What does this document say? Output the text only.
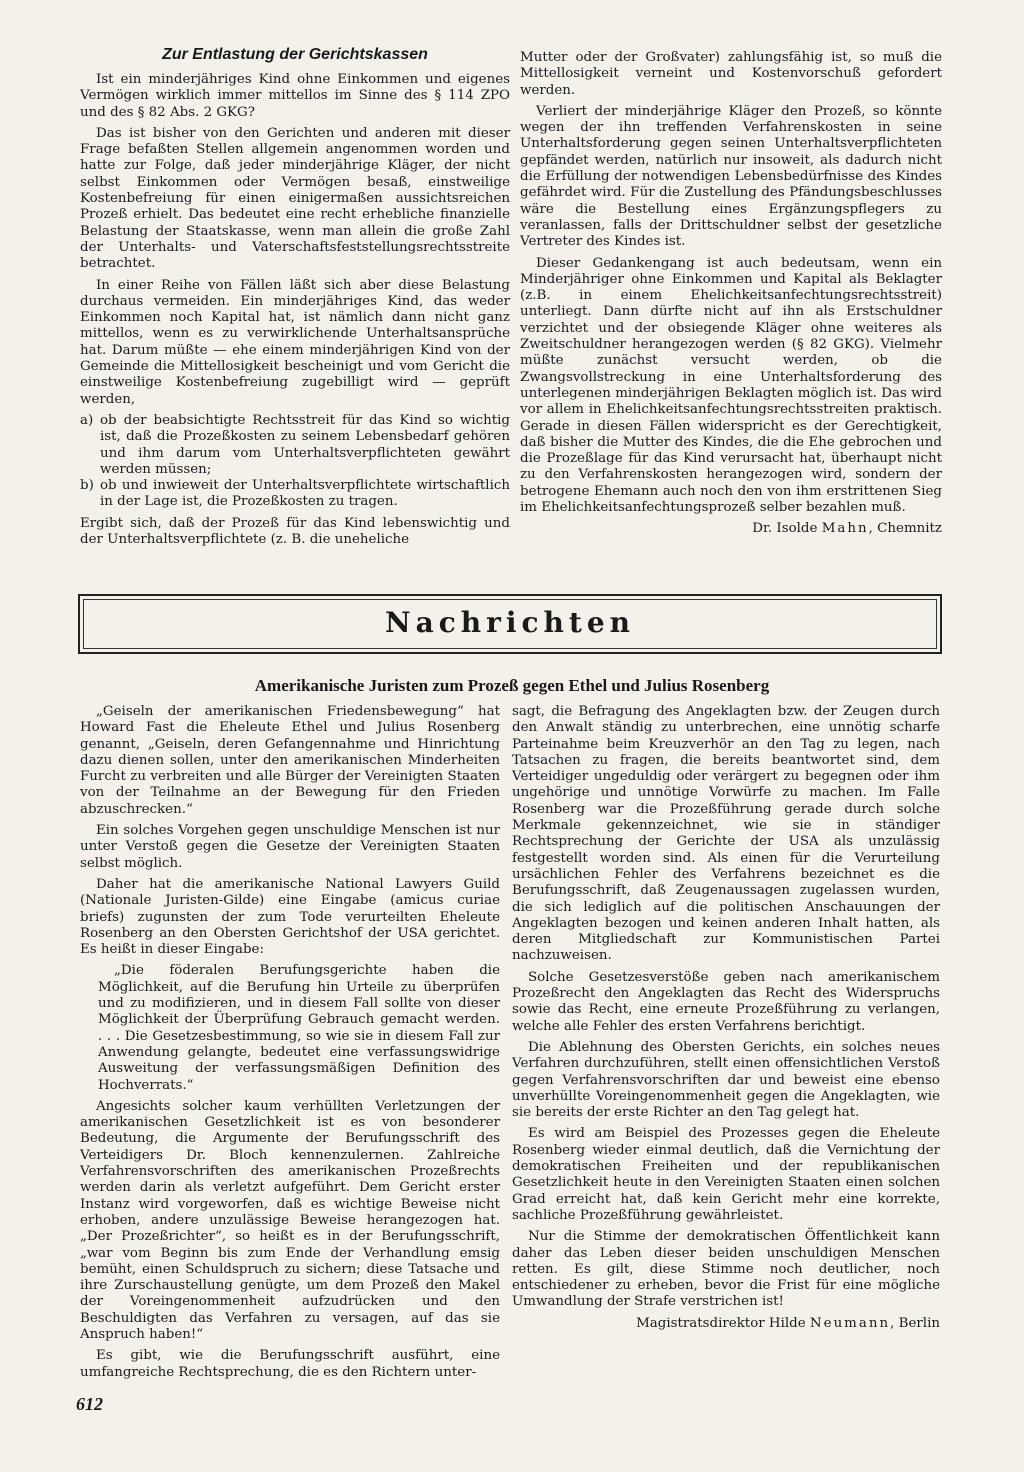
Zur Entlastung der Gerichtskassen

Ist ein minderjähriges Kind ohne Einkommen und eigenes Vermögen wirklich immer mittellos im Sinne des § 114 ZPO und des § 82 Abs. 2 GKG?

Das ist bisher von den Gerichten und anderen mit dieser Frage befaßten Stellen allgemein angenommen worden und hatte zur Folge, daß jeder minderjährige Kläger, der nicht selbst Einkommen oder Vermögen besaß, einstweilige Kostenbefreiung für einen einigermaßen aussichtsreichen Prozeß erhielt. Das bedeutet eine recht erhebliche finanzielle Belastung der Staatskasse, wenn man allein die große Zahl der Unterhalts- und Vaterschaftsfeststellungsrechtsstreite betrachtet.

In einer Reihe von Fällen läßt sich aber diese Belastung durchaus vermeiden. Ein minderjähriges Kind, das weder Einkommen noch Kapital hat, ist nämlich dann nicht ganz mittellos, wenn es zu verwirklichende Unterhaltsansprüche hat. Darum müßte — ehe einem minderjährigen Kind von der Gemeinde die Mittellosigkeit bescheinigt und vom Gericht die einstweilige Kostenbefreiung zugebilligt wird — geprüft werden,

a) ob der beabsichtigte Rechtsstreit für das Kind so wichtig ist, daß die Prozeßkosten zu seinem Lebensbedarf gehören und ihm darum vom Unterhaltsverpflichteten gewährt werden müssen;
b) ob und inwieweit der Unterhaltsverpflichtete wirtschaftlich in der Lage ist, die Prozeßkosten zu tragen.

Ergibt sich, daß der Prozeß für das Kind lebenswichtig und der Unterhaltsverpflichtete (z. B. die uneheliche

Mutter oder der Großvater) zahlungsfähig ist, so muß die Mittellosigkeit verneint und Kostenvorschuß gefordert werden.

Verliert der minderjährige Kläger den Prozeß, so könnte wegen der ihn treffenden Verfahrenskosten in seine Unterhaltsforderung gegen seinen Unterhaltsverpflichteten gepfändet werden, natürlich nur insoweit, als dadurch nicht die Erfüllung der notwendigen Lebensbedürfnisse des Kindes gefährdet wird. Für die Zustellung des Pfändungsbeschlusses wäre die Bestellung eines Ergänzungspflegers zu veranlassen, falls der Drittschuldner selbst der gesetzliche Vertreter des Kindes ist.

Dieser Gedankengang ist auch bedeutsam, wenn ein Minderjähriger ohne Einkommen und Kapital als Beklagter (z.B. in einem Ehelichkeitsanfechtungsrechtsstreit) unterliegt. Dann dürfte nicht auf ihn als Erstschuldner verzichtet und der obsiegende Kläger ohne weiteres als Zweitschuldner herangezogen werden (§ 82 GKG). Vielmehr müßte zunächst versucht werden, ob die Zwangsvollstreckung in eine Unterhaltsforderung des unterlegenen minderjährigen Beklagten möglich ist. Das wird vor allem in Ehelichkeitsanfechtungsrechtsstreiten praktisch. Gerade in diesen Fällen widerspricht es der Gerechtigkeit, daß bisher die Mutter des Kindes, die die Ehe gebrochen und die Prozeßlage für das Kind verursacht hat, überhaupt nicht zu den Verfahrenskosten herangezogen wird, sondern der betrogene Ehemann auch noch den von ihm erstrittenen Sieg im Ehelichkeitsanfechtungsprozeß selber bezahlen muß.

Dr. Isolde Mahn, Chemnitz

Nachrichten
Amerikanische Juristen zum Prozeß gegen Ethel und Julius Rosenberg

„Geiseln der amerikanischen Friedensbewegung“ hat Howard Fast die Eheleute Ethel und Julius Rosenberg genannt, „Geiseln, deren Gefangennahme und Hinrichtung dazu dienen sollen, unter den amerikanischen Minderheiten Furcht zu verbreiten und alle Bürger der Vereinigten Staaten von der Teilnahme an der Bewegung für den Frieden abzuschrecken.“

Ein solches Vorgehen gegen unschuldige Menschen ist nur unter Verstoß gegen die Gesetze der Vereinigten Staaten selbst möglich.

Daher hat die amerikanische National Lawyers Guild (Nationale Juristen-Gilde) eine Eingabe (amicus curiae briefs) zugunsten der zum Tode verurteilten Eheleute Rosenberg an den Obersten Gerichtshof der USA gerichtet. Es heißt in dieser Eingabe:

„Die föderalen Berufungsgerichte haben die Möglichkeit, auf die Berufung hin Urteile zu überprüfen und zu modifizieren, und in diesem Fall sollte von dieser Möglichkeit der Überprüfung Gebrauch gemacht werden. . . . Die Gesetzesbestimmung, so wie sie in diesem Fall zur Anwendung gelangte, bedeutet eine verfassungswidrige Ausweitung der verfassungsmäßigen Definition des Hochverrats.“

Angesichts solcher kaum verhüllten Verletzungen der amerikanischen Gesetzlichkeit ist es von besonderer Bedeutung, die Argumente der Berufungsschrift des Verteidigers Dr. Bloch kennenzulernen. Zahlreiche Verfahrensvorschriften des amerikanischen Prozeßrechts werden darin als verletzt aufgeführt. Dem Gericht erster Instanz wird vorgeworfen, daß es wichtige Beweise nicht erhoben, andere unzulässige Beweise herangezogen hat. „Der Prozeßrichter“, so heißt es in der Berufungsschrift, „war vom Beginn bis zum Ende der Verhandlung emsig bemüht, einen Schuldspruch zu sichern; diese Tatsache und ihre Zurschaustellung genügte, um dem Prozeß den Makel der Voreingenommenheit aufzudrücken und den Beschuldigten das Verfahren zu versagen, auf das sie Anspruch haben!“

Es gibt, wie die Berufungsschrift ausführt, eine umfangreiche Rechtsprechung, die es den Richtern unter-

sagt, die Befragung des Angeklagten bzw. der Zeugen durch den Anwalt ständig zu unterbrechen, eine unnötig scharfe Parteinahme beim Kreuzverhör an den Tag zu legen, nach Tatsachen zu fragen, die bereits beantwortet sind, dem Verteidiger ungeduldig oder verärgert zu begegnen oder ihm ungehörige und unnötige Vorwürfe zu machen. Im Falle Rosenberg war die Prozeßführung gerade durch solche Merkmale gekennzeichnet, wie sie in ständiger Rechtsprechung der Gerichte der USA als unzulässig festgestellt worden sind. Als einen für die Verurteilung ursächlichen Fehler des Verfahrens bezeichnet es die Berufungsschrift, daß Zeugenaussagen zugelassen wurden, die sich lediglich auf die politischen Anschauungen der Angeklagten bezogen und keinen anderen Inhalt hatten, als deren Mitgliedschaft zur Kommunistischen Partei nachzuweisen.

Solche Gesetzesverstöße geben nach amerikanischem Prozeßrecht den Angeklagten das Recht des Widerspruchs sowie das Recht, eine erneute Prozeßführung zu verlangen, welche alle Fehler des ersten Verfahrens berichtigt.

Die Ablehnung des Obersten Gerichts, ein solches neues Verfahren durchzuführen, stellt einen offensichtlichen Verstoß gegen Verfahrensvorschriften dar und beweist eine ebenso unverhüllte Voreingenommenheit gegen die Angeklagten, wie sie bereits der erste Richter an den Tag gelegt hat.

Es wird am Beispiel des Prozesses gegen die Eheleute Rosenberg wieder einmal deutlich, daß die Vernichtung der demokratischen Freiheiten und der republikanischen Gesetzlichkeit heute in den Vereinigten Staaten einen solchen Grad erreicht hat, daß kein Gericht mehr eine korrekte, sachliche Prozeßführung gewährleistet.

Nur die Stimme der demokratischen Öffentlichkeit kann daher das Leben dieser beiden unschuldigen Menschen retten. Es gilt, diese Stimme noch deutlicher, noch entschiedener zu erheben, bevor die Frist für eine mögliche Umwandlung der Strafe verstrichen ist!

Magistratsdirektor Hilde Neumann, Berlin

612
